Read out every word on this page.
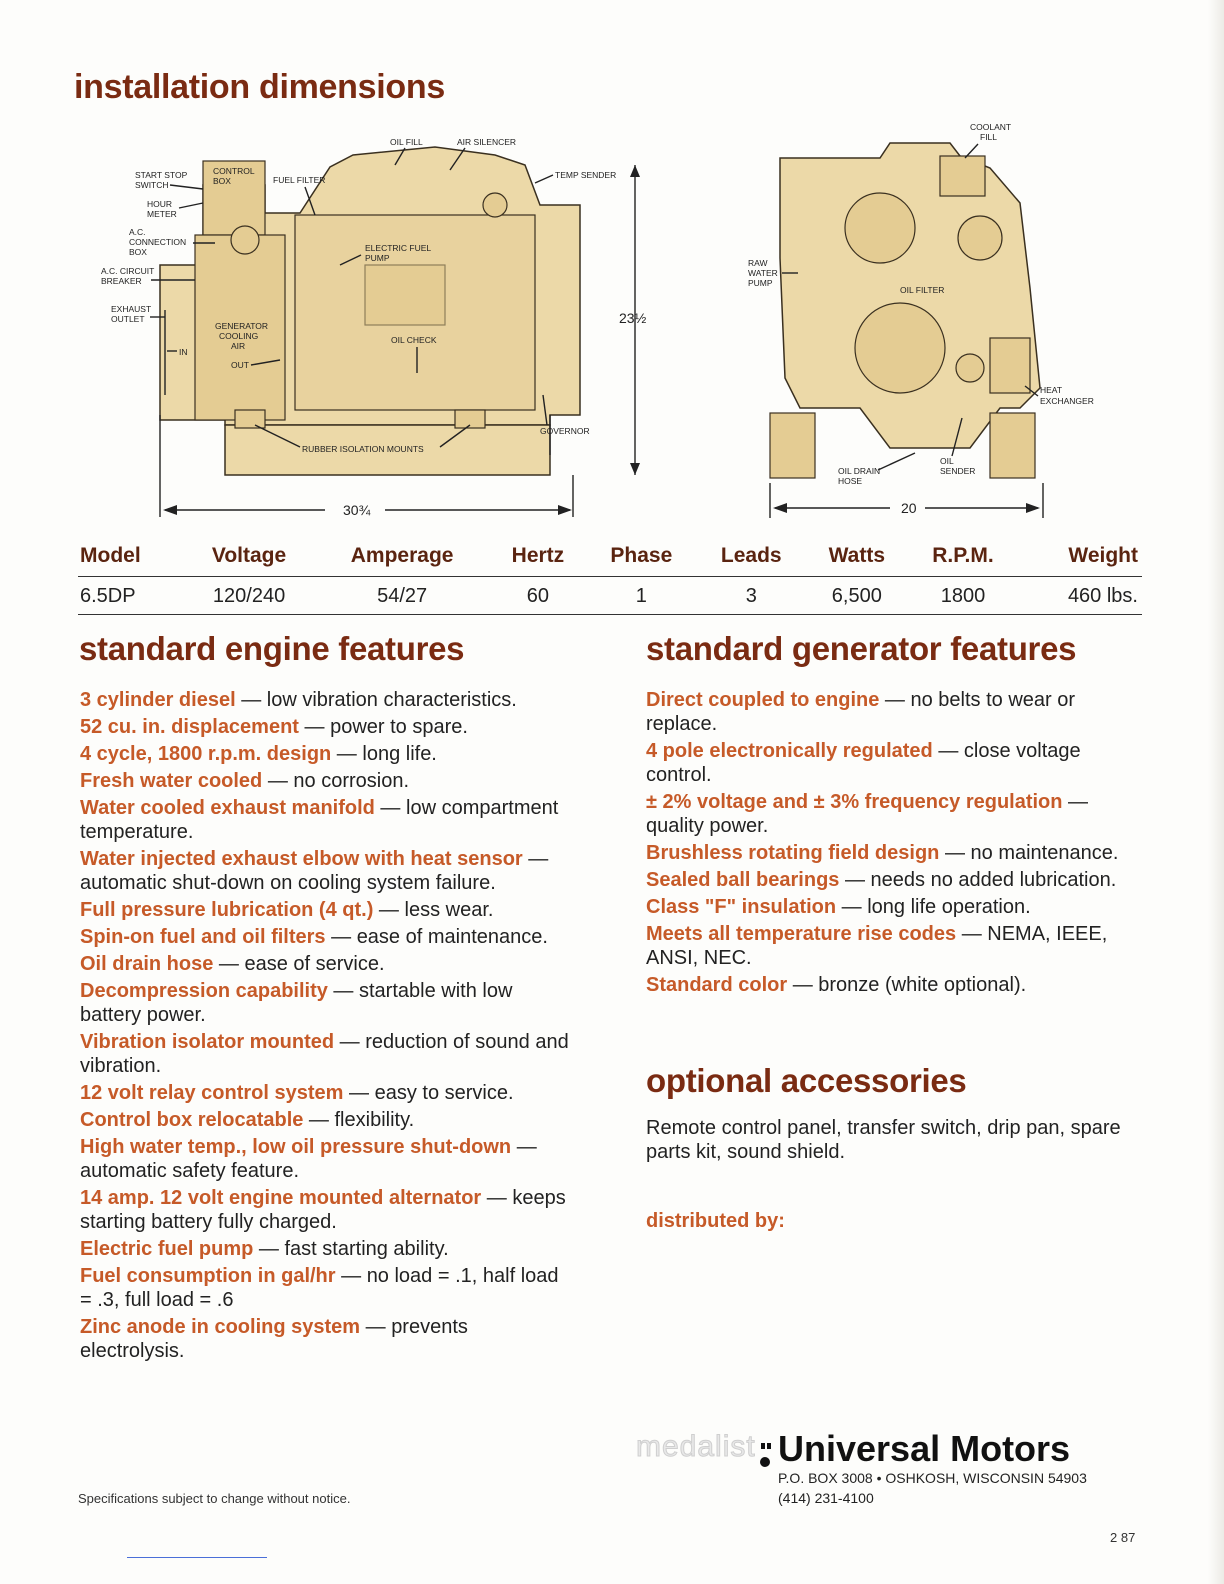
installation dimensions
START STOP
SWITCH
CONTROL
BOX
HOUR
METER
A.C.
CONNECTION
BOX
A.C. CIRCUIT
BREAKER
EXHAUST
OUTLET
IN
FUEL FILTER
OIL FILL	AIR SILENCER
TEMP SENDER
ELECTRIC FUEL
PUMP
GENERATOR
COOLING
AIR
OUT
OIL CHECK
RUBBER ISOLATION MOUNTS
GOVERNOR
23½
30¾
COOLANT
FILL
RAW
WATER
PUMP
OIL FILTER
HEAT
EXCHANGER
OIL DRAIN
HOSE
OIL
SENDER
20
Model	Voltage	Amperage	Hertz	Phase	Leads	Watts	R.P.M.	Weight
6.5DP	120/240	54/27	60	1	3	6,500	1800	460 lbs.
standard engine features
3 cylinder diesel — low vibration characteristics.
52 cu. in. displacement — power to spare.
4 cycle, 1800 r.p.m. design — long life.
Fresh water cooled — no corrosion.
Water cooled exhaust manifold — low compartment temperature.
Water injected exhaust elbow with heat sensor — automatic shut-down on cooling system failure.
Full pressure lubrication (4 qt.) — less wear.
Spin-on fuel and oil filters — ease of maintenance.
Oil drain hose — ease of service.
Decompression capability — startable with low battery power.
Vibration isolator mounted — reduction of sound and vibration.
12 volt relay control system — easy to service.
Control box relocatable — flexibility.
High water temp., low oil pressure shut-down — automatic safety feature.
14 amp. 12 volt engine mounted alternator — keeps starting battery fully charged.
Electric fuel pump — fast starting ability.
Fuel consumption in gal/hr — no load = .1, half load = .3, full load = .6
Zinc anode in cooling system — prevents electrolysis.
standard generator features
Direct coupled to engine — no belts to wear or replace.
4 pole electronically regulated — close voltage control.
± 2% voltage and ± 3% frequency regulation — quality power.
Brushless rotating field design — no maintenance.
Sealed ball bearings — needs no added lubrication.
Class "F" insulation — long life operation.
Meets all temperature rise codes — NEMA, IEEE, ANSI, NEC.
Standard color — bronze (white optional).
optional accessories
Remote control panel, transfer switch, drip pan, spare parts kit, sound shield.
distributed by:
medalist Universal Motors
P.O. BOX 3008 • OSHKOSH, WISCONSIN 54903
(414) 231-4100
Specifications subject to change without notice.
2 87
